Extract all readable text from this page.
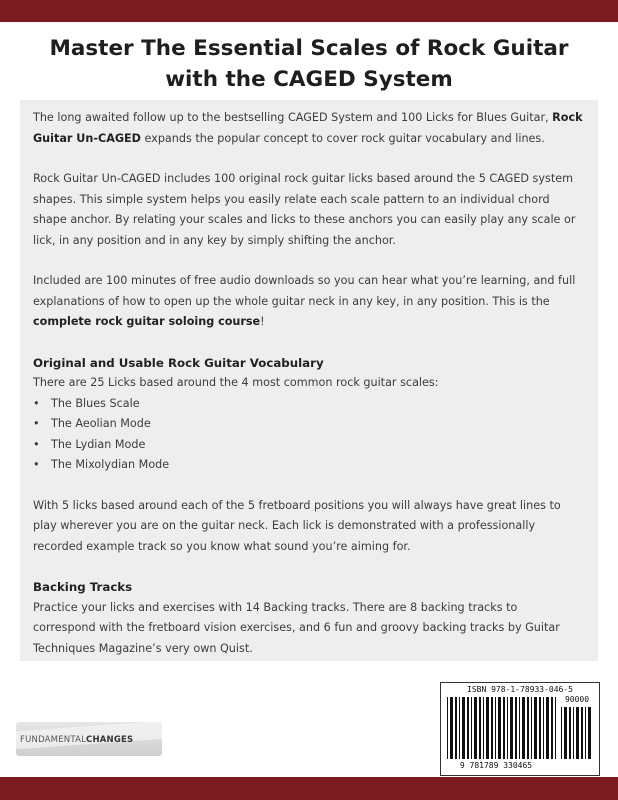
Master The Essential Scales of Rock Guitar with the CAGED System

The long awaited follow up to the bestselling CAGED System and 100 Licks for Blues Guitar, Rock Guitar Un-CAGED expands the popular concept to cover rock guitar vocabulary and lines.

Rock Guitar Un-CAGED includes 100 original rock guitar licks based around the 5 CAGED system shapes. This simple system helps you easily relate each scale pattern to an individual chord shape anchor. By relating your scales and licks to these anchors you can easily play any scale or lick, in any position and in any key by simply shifting the anchor.

Included are 100 minutes of free audio downloads so you can hear what you’re learning, and full explanations of how to open up the whole guitar neck in any key, in any position. This is the complete rock guitar soloing course!

Original and Usable Rock Guitar Vocabulary

There are 25 Licks based around the 4 most common rock guitar scales:

• The Blues Scale
• The Aeolian Mode
• The Lydian Mode
• The Mixolydian Mode

With 5 licks based around each of the 5 fretboard positions you will always have great lines to play wherever you are on the guitar neck. Each lick is demonstrated with a professionally recorded example track so you know what sound you’re aiming for.

Backing Tracks

Practice your licks and exercises with 14 Backing tracks. There are 8 backing tracks to correspond with the fretboard vision exercises, and 6 fun and groovy backing tracks by Guitar Techniques Magazine’s very own Quist.

FUNDAMENTALCHANGES
ISBN 978-1-78933-046-5
9 781789 330465
90000
